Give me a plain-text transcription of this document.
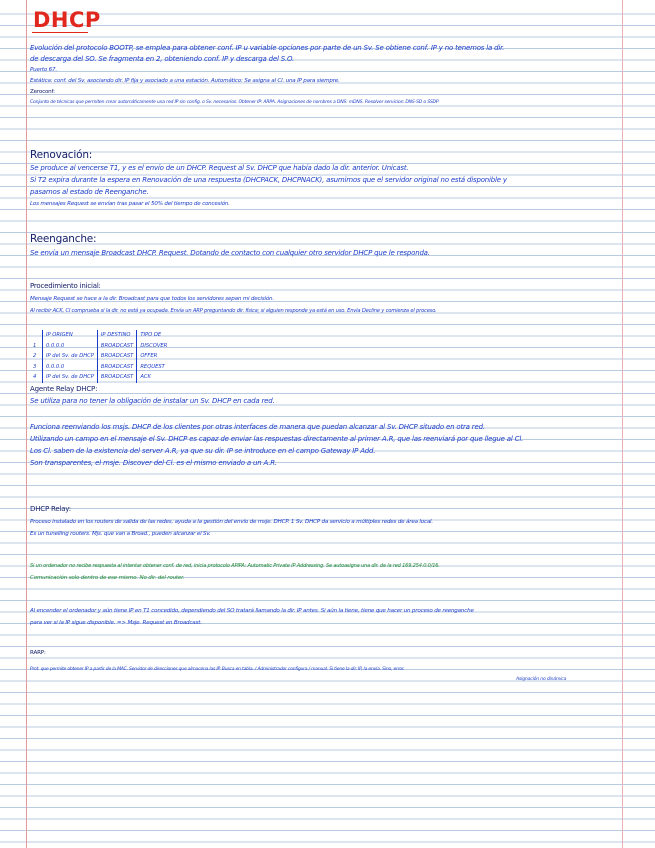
DHCP
Evolución del protocolo BOOTP, se emplea para obtener conf. IP u variable opciones por parte de un Sv. Se obtiene conf. IP y no tenemos la dir.
de descarga del SO. Se fragmenta en 2, obteniendo conf. IP y descarga del S.O.
Puerto 67.
Estática: conf. del Sv. asociando dir. IP fija y asociado a una estación. Automático: Se asigna al Cl. una IP para siempre.
Zeroconf:
Conjunto de técnicas que permiten crear automáticamente una red IP sin config. o Sv. necesarios. Obtener IP: ARPA. Asignaciones de nombres a DNS: mDNS. Resolver servicios: DNS-SD o SSDP
Renovación:
Se produce al vencerse T1, y es el envío de un DHCP. Request al Sv. DHCP que había dado la dir. anterior. Unicast.
Si T2 expira durante la espera en Renovación de una respuesta (DHCPACK, DHCPNACK), asumimos que el servidor original no está disponible y
pasamos al estado de Reenganche.
Los mensajes Request se envían tras pasar el 50% del tiempo de concesión.
Reenganche:
Se envía un mensaje Broadcast DHCP. Request. Dotando de contacto con cualquier otro servidor DHCP que le responda.
Procedimiento inicial:
Mensaje Request se hace a la dir. Broadcast para que todos los servidores sepan mi decisión.
Al recibir ACK, Cl comprueba si la dir. no está ya ocupada. Envía un ARP preguntando dir. física; si alguien responde ya está en uso. Envía Decline y comienza el proceso.
	IP ORIGEN	IP DESTINO	TIPO DE
1	0.0.0.0	BROADCAST	DISCOVER
2	IP del Sv. de DHCP	BROADCAST	OFFER
3	0.0.0.0	BROADCAST	REQUEST
4	IP del Sv. de DHCP	BROADCAST	ACK
Agente Relay DHCP:
Se utiliza para no tener la obligación de instalar un Sv. DHCP en cada red.
Funciona reenviando los msjs. DHCP de los clientes por otras interfaces de manera que puedan alcanzar al Sv. DHCP situado en otra red.
Utilizando un campo en el mensaje el Sv. DHCP es capaz de enviar las respuestas directamente al primer A.R, que las reenviará por que llegue al Cl.
Los Cl. saben de la existencia del server A.R, ya que su dir. IP se introduce en el campo Gateway IP Add.
Son transparentes, el msje. Discover del Cl. es el mismo enviado a un A.R.
DHCP Relay:
Proceso instalado en los routers de salida de las redes, ayuda a la gestión del envío de msje. DHCP. 1 Sv. DHCP da servicio a múltiples redes de área local.
Es un tunelling routers. Mjs. que van a Broad., pueden alcanzar el Sv.
Si un ordenador no recibe respuesta al intentar obtener conf. de red, inicia protocolo APIPA: Automatic Private IP Addressing. Se autoasigna una dir. de la red 169.254.0.0/16.
Comunicación solo dentro de ese mismo. No dir. del router.
Al encender el ordenador y aún tiene IP en T1 concedido, dependiendo del SO tratará llamando la dir. IP antes. Si aún la tiene, tiene que hacer un proceso de reenganche
para ver si la IP sigue disponible. => Msje. Request en Broadcast.
RARP:
Prot. que permite obtener IP a partir de la MAC. Servidor de direcciones que almacena las IP. Busca en tabla. / Administrador configura / manual. Si tiene la dir. IP, la envía. Sino, error.
Asignación no dinámica
